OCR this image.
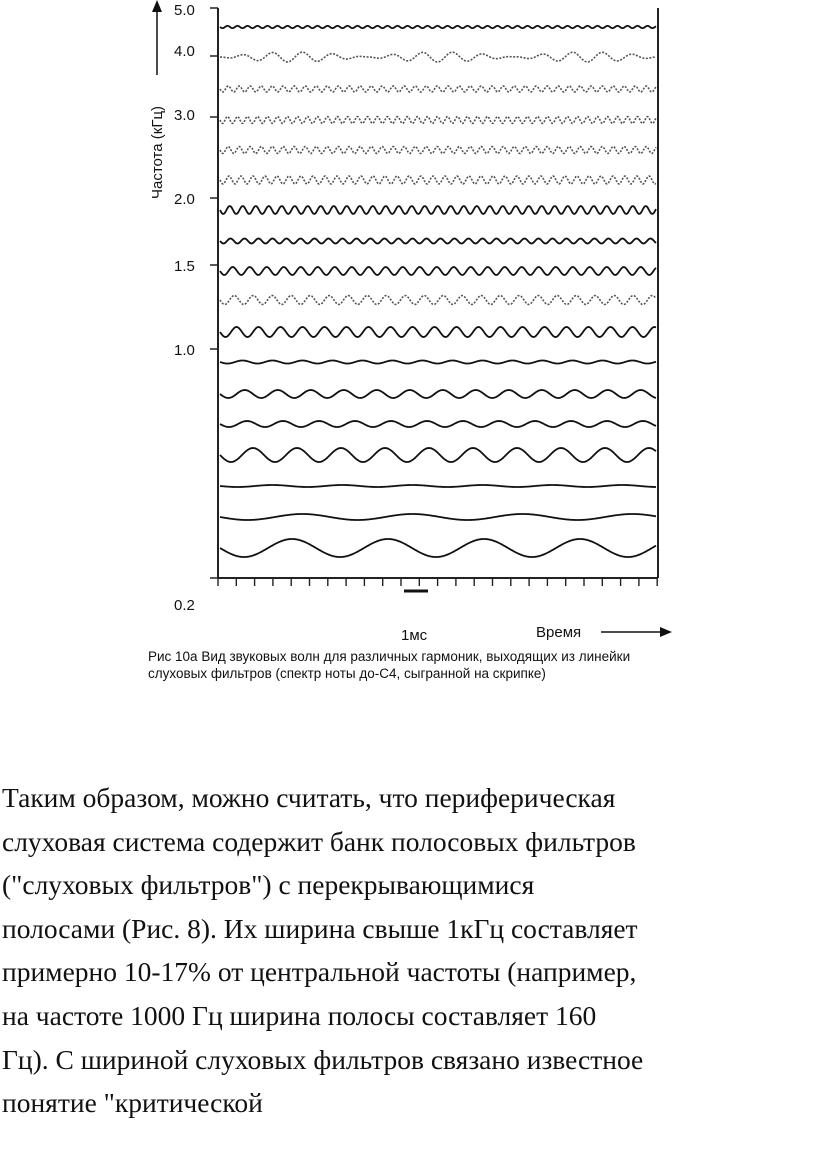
Частота (кГц)
5.0
4.0
3.0
2.0
1.5
1.0
0.2
1мс	Время
Рис 10а Вид звуковых волн для различных гармоник, выходящих из линейки
слуховых фильтров (спектр ноты до-C4, сыгранной на скрипке)
Таким образом, можно считать, что периферическая
слуховая система содержит банк полосовых фильтров
("слуховых фильтров") с перекрывающимися
полосами (Рис. 8). Их ширина свыше 1кГц составляет
примерно 10-17% от центральной частоты (например,
на частоте 1000 Гц ширина полосы составляет 160
Гц). С шириной слуховых фильтров связано известное
понятие "критической
